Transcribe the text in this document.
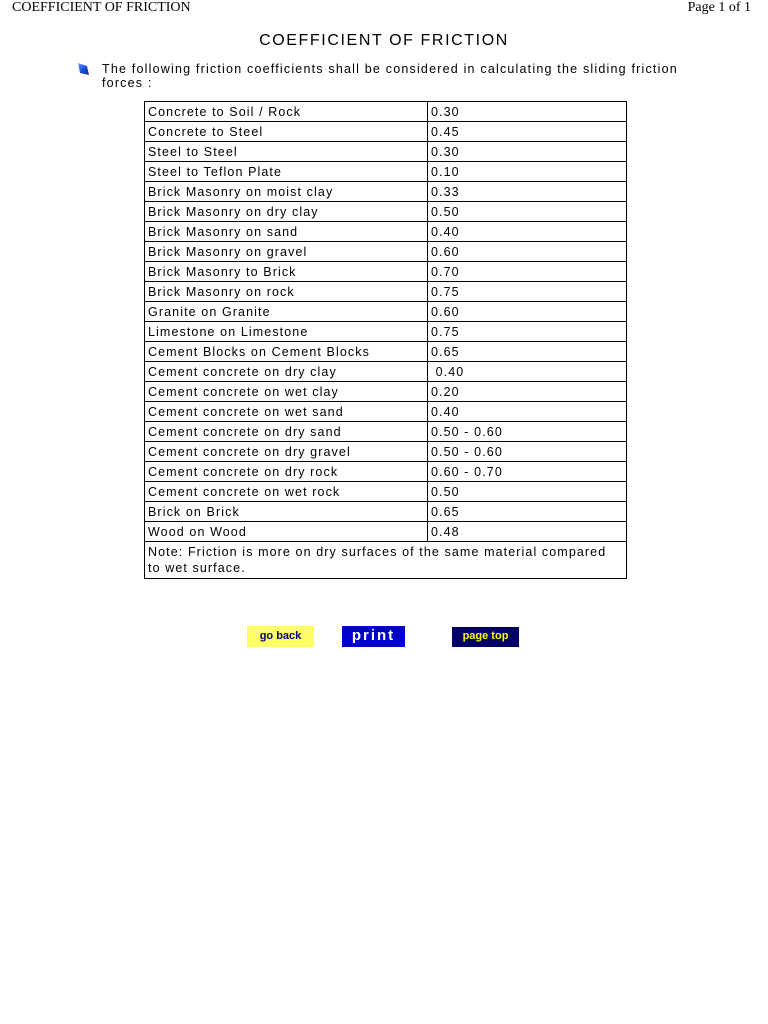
COEFFICIENT OF FRICTION	Page 1 of 1
COEFFICIENT OF FRICTION
The following friction coefficients shall be considered in calculating the sliding friction forces :
Concrete to Soil / Rock	0.30
Concrete to Steel	0.45
Steel to Steel	0.30
Steel to Teflon Plate	0.10
Brick Masonry on moist clay	0.33
Brick Masonry on dry clay	0.50
Brick Masonry on sand	0.40
Brick Masonry on gravel	0.60
Brick Masonry to Brick	0.70
Brick Masonry on rock	0.75
Granite on Granite	0.60
Limestone on Limestone	0.75
Cement Blocks on Cement Blocks	0.65
Cement concrete on dry clay	0.40
Cement concrete on wet clay	0.20
Cement concrete on wet sand	0.40
Cement concrete on dry sand	0.50 - 0.60
Cement concrete on dry gravel	0.50 - 0.60
Cement concrete on dry rock	0.60 - 0.70
Cement concrete on wet rock	0.50
Brick on Brick	0.65
Wood on Wood	0.48
Note: Friction is more on dry surfaces of the same material compared to wet surface.	
go back	print	page top
